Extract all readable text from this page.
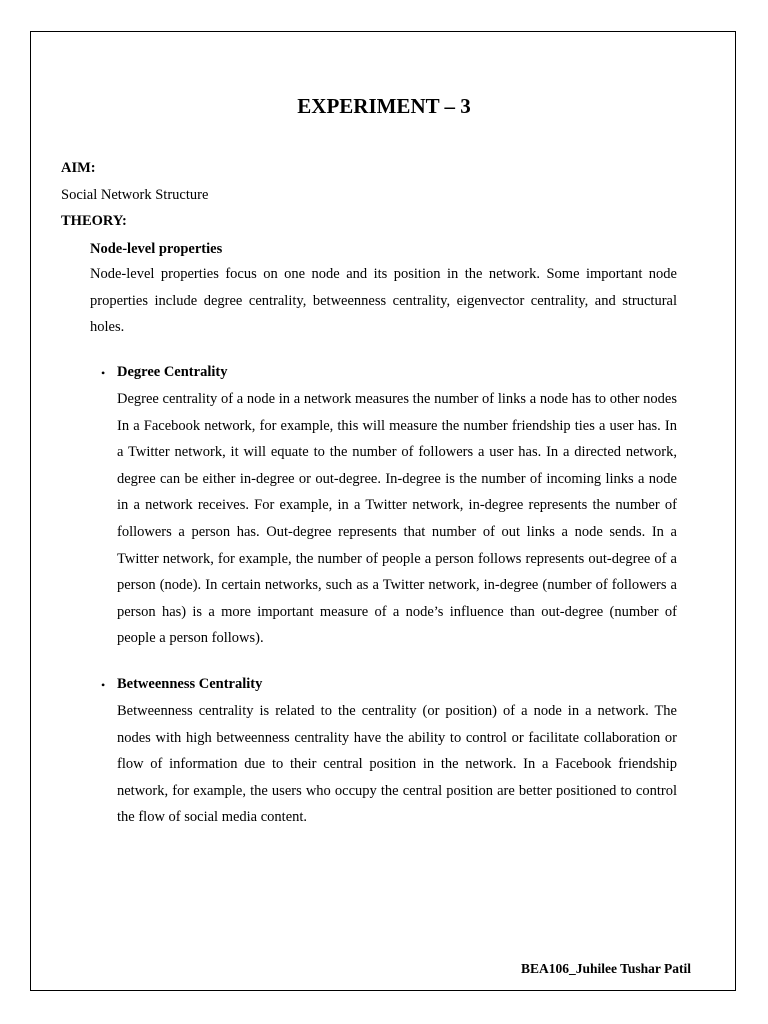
EXPERIMENT – 3
AIM:
Social Network Structure
THEORY:
Node-level properties

Node-level properties focus on one node and its position in the network. Some important node properties include degree centrality, betweenness centrality, eigenvector centrality, and structural holes.

• Degree Centrality

Degree centrality of a node in a network measures the number of links a node has to other nodes In a Facebook network, for example, this will measure the number friendship ties a user has. In a Twitter network, it will equate to the number of followers a user has. In a directed network, degree can be either in-degree or out-degree. In-degree is the number of incoming links a node in a network receives. For example, in a Twitter network, in-degree represents the number of followers a person has. Out-degree represents that number of out links a node sends. In a Twitter network, for example, the number of people a person follows represents out-degree of a person (node). In certain networks, such as a Twitter network, in-degree (number of followers a person has) is a more important measure of a node’s influence than out-degree (number of people a person follows).

• Betweenness Centrality

Betweenness centrality is related to the centrality (or position) of a node in a network. The nodes with high betweenness centrality have the ability to control or facilitate collaboration or flow of information due to their central position in the network. In a Facebook friendship network, for example, the users who occupy the central position are better positioned to control the flow of social media content.

BEA106_Juhilee Tushar Patil
